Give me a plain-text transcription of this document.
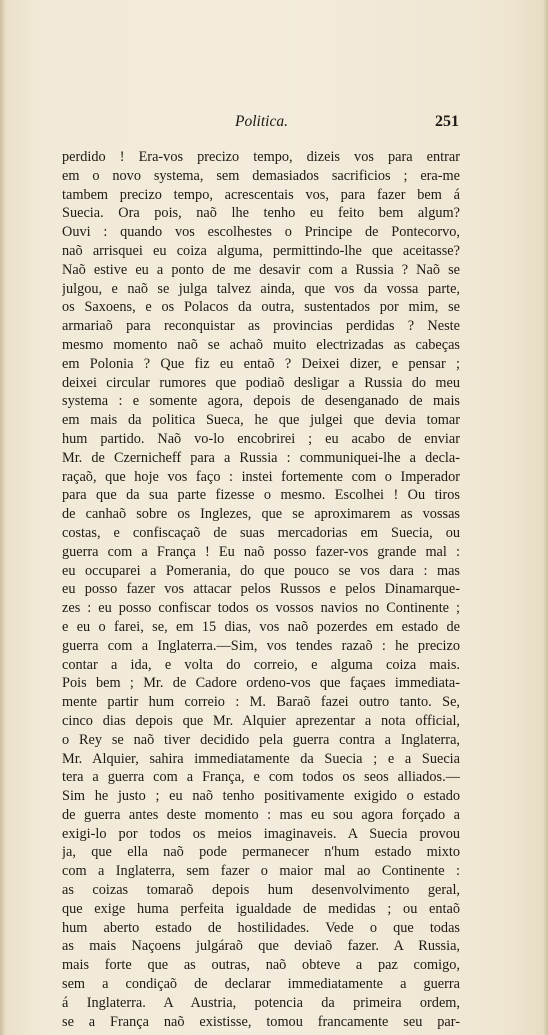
Politica.	251
perdido ! Era-vos precizo tempo, dizeis vos para entrar
em o novo systema, sem demasiados sacrificios ; era-me
tambem precizo tempo, acrescentais vos, para fazer bem á
Suecia. Ora pois, naõ lhe tenho eu feito bem algum?
Ouvi : quando vos escolhestes o Principe de Pontecorvo,
naõ arrisquei eu coiza alguma, permittindo-lhe que aceitasse?
Naõ estive eu a ponto de me desavir com a Russia ? Naõ se
julgou, e naõ se julga talvez ainda, que vos da vossa parte,
os Saxoens, e os Polacos da outra, sustentados por mim, se
armariaõ para reconquistar as provincias perdidas ? Neste
mesmo momento naõ se achaõ muito electrizadas as cabeças
em Polonia ? Que fiz eu entaõ ? Deixei dizer, e pensar ;
deixei circular rumores que podiaõ desligar a Russia do meu
systema : e somente agora, depois de desenganado de mais
em mais da politica Sueca, he que julgei que devia tomar
hum partido. Naõ vo-lo encobrirei ; eu acabo de enviar
Mr. de Czernicheff para a Russia : communiquei-lhe a decla-
raçaõ, que hoje vos faço : instei fortemente com o Imperador
para que da sua parte fizesse o mesmo. Escolhei ! Ou tiros
de canhaõ sobre os Inglezes, que se aproximarem as vossas
costas, e confiscaçaõ de suas mercadorias em Suecia, ou
guerra com a França ! Eu naõ posso fazer-vos grande mal :
eu occuparei a Pomerania, do que pouco se vos dara : mas
eu posso fazer vos attacar pelos Russos e pelos Dinamarque-
zes : eu posso confiscar todos os vossos navios no Continente ;
e eu o farei, se, em 15 dias, vos naõ pozerdes em estado de
guerra com a Inglaterra.—Sim, vos tendes razaõ : he precizo
contar a ida, e volta do correio, e alguma coiza mais.
Pois bem ; Mr. de Cadore ordeno-vos que façaes immediata-
mente partir hum correio : M. Baraõ fazei outro tanto. Se,
cinco dias depois que Mr. Alquier aprezentar a nota official,
o Rey se naõ tiver decidido pela guerra contra a Inglaterra,
Mr. Alquier, sahira immediatamente da Suecia ; e a Suecia
tera a guerra com a França, e com todos os seos alliados.—
Sim he justo ; eu naõ tenho positivamente exigido o estado
de guerra antes deste momento : mas eu sou agora forçado a
exigi-lo por todos os meios imaginaveis. A Suecia provou
ja, que ella naõ pode permanecer n'hum estado mixto
com a Inglaterra, sem fazer o maior mal ao Continente :
as coizas tomaraõ depois hum desenvolvimento geral,
que exige huma perfeita igualdade de medidas ; ou entaõ
hum aberto estado de hostilidades. Vede o que todas
as mais Naçoens julgáraõ que deviaõ fazer. A Russia,
mais forte que as outras, naõ obteve a paz comigo,
sem a condiçaõ de declarar immediatamente a guerra
á Inglaterra. A Austria, potencia da primeira ordem,
se a França naõ existisse, tomou francamente seu par-
